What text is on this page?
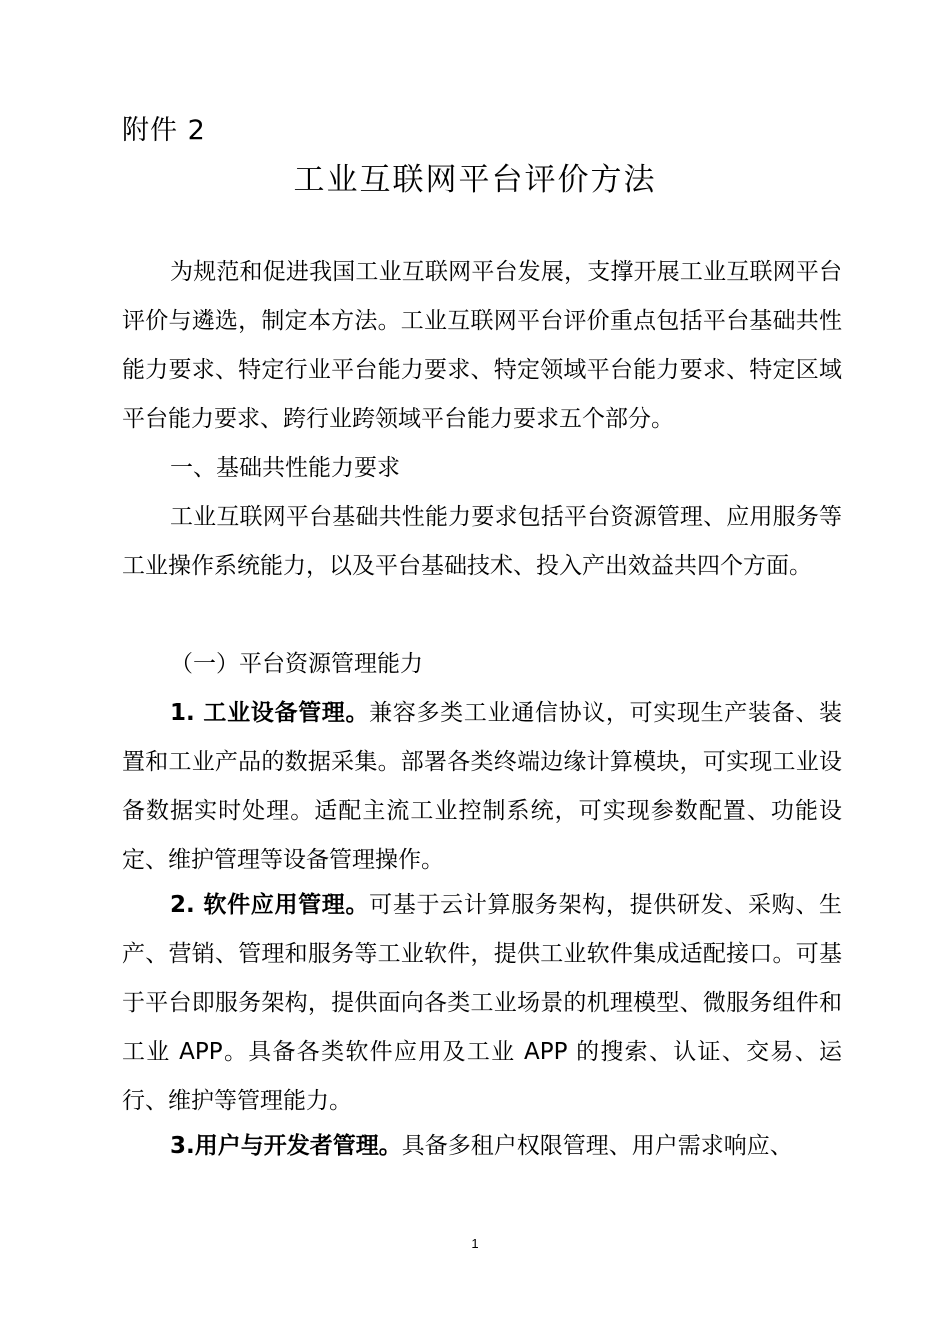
附件 2
工业互联网平台评价方法

为规范和促进我国工业互联网平台发展，支撑开展工业互联网平台评价与遴选，制定本方法。工业互联网平台评价重点包括平台基础共性能力要求、特定行业平台能力要求、特定领域平台能力要求、特定区域平台能力要求、跨行业跨领域平台能力要求五个部分。

一、基础共性能力要求

工业互联网平台基础共性能力要求包括平台资源管理、应用服务等工业操作系统能力，以及平台基础技术、投入产出效益共四个方面。

（一）平台资源管理能力

1. 工业设备管理。兼容多类工业通信协议，可实现生产装备、装置和工业产品的数据采集。部署各类终端边缘计算模块，可实现工业设备数据实时处理。适配主流工业控制系统，可实现参数配置、功能设定、维护管理等设备管理操作。

2. 软件应用管理。可基于云计算服务架构，提供研发、采购、生产、营销、管理和服务等工业软件，提供工业软件集成适配接口。可基于平台即服务架构，提供面向各类工业场景的机理模型、微服务组件和工业 APP。具备各类软件应用及工业 APP 的搜索、认证、交易、运行、维护等管理能力。

3.用户与开发者管理。具备多租户权限管理、用户需求响应、

1
